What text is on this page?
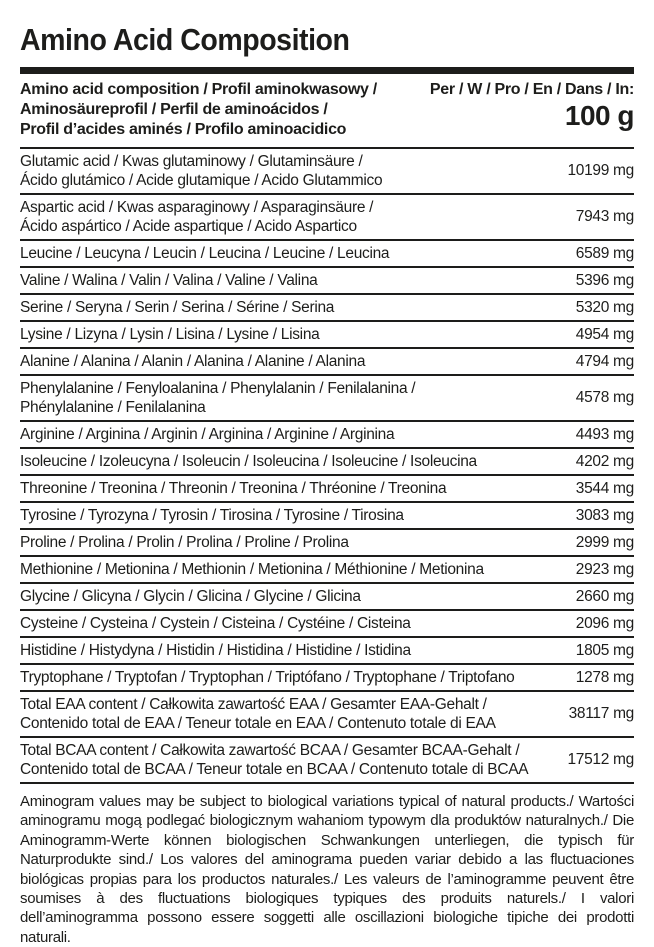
Amino Acid Composition
Amino acid composition / Profil aminokwasowy /
Aminosäureprofil / Perfil de aminoácidos /
Profil d’acides aminés / Profilo aminoacidico
Per / W / Pro / En / Dans / In:
100 g
Glutamic acid / Kwas glutaminowy / Glutaminsäure /
Ácido glutámico / Acide glutamique / Acido Glutammico
10199 mg
Aspartic acid / Kwas asparaginowy / Asparaginsäure /
Ácido aspártico / Acide aspartique / Acido Aspartico
7943 mg
Leucine / Leucyna / Leucin / Leucina / Leucine / Leucina	6589 mg
Valine / Walina / Valin / Valina / Valine / Valina	5396 mg
Serine / Seryna / Serin / Serina / Sérine / Serina	5320 mg
Lysine / Lizyna / Lysin / Lisina / Lysine / Lisina	4954 mg
Alanine / Alanina / Alanin / Alanina / Alanine / Alanina	4794 mg
Phenylalanine / Fenyloalanina / Phenylalanin / Fenilalanina /
Phénylalanine / Fenilalanina
4578 mg
Arginine / Arginina / Arginin / Arginina / Arginine / Arginina	4493 mg
Isoleucine / Izoleucyna / Isoleucin / Isoleucina / Isoleucine / Isoleucina	4202 mg
Threonine / Treonina / Threonin / Treonina / Thréonine / Treonina	3544 mg
Tyrosine / Tyrozyna / Tyrosin / Tirosina / Tyrosine / Tirosina	3083 mg
Proline / Prolina / Prolin / Prolina / Proline / Prolina	2999 mg
Methionine / Metionina / Methionin / Metionina / Méthionine / Metionina	2923 mg
Glycine / Glicyna / Glycin / Glicina / Glycine / Glicina	2660 mg
Cysteine / Cysteina / Cystein / Cisteina / Cystéine / Cisteina	2096 mg
Histidine / Histydyna / Histidin / Histidina / Histidine / Istidina	1805 mg
Tryptophane / Tryptofan / Tryptophan / Triptófano / Tryptophane / Triptofano	1278 mg
Total EAA content / Całkowita zawartość EAA / Gesamter EAA-Gehalt /
Contenido total de EAA / Teneur totale en EAA / Contenuto totale di EAA
38117 mg
Total BCAA content / Całkowita zawartość BCAA / Gesamter BCAA-Gehalt /
Contenido total de BCAA / Teneur totale en BCAA / Contenuto totale di BCAA
17512 mg

Aminogram values may be subject to biological variations typical of natural products./ Wartości aminogramu mogą podlegać biologicznym wahaniom typowym dla produktów naturalnych./ Die Aminogramm-Werte können biologischen Schwankungen unterliegen, die typisch für Naturprodukte sind./ Los valores del aminograma pueden variar debido a las fluctuaciones biológicas propias para los productos naturales./ Les valeurs de l’aminogramme peuvent être soumises à des fluctuations biologiques typiques des produits naturels./ I valori dell’aminogramma possono essere soggetti alle oscillazioni biologiche tipiche dei prodotti naturali.
